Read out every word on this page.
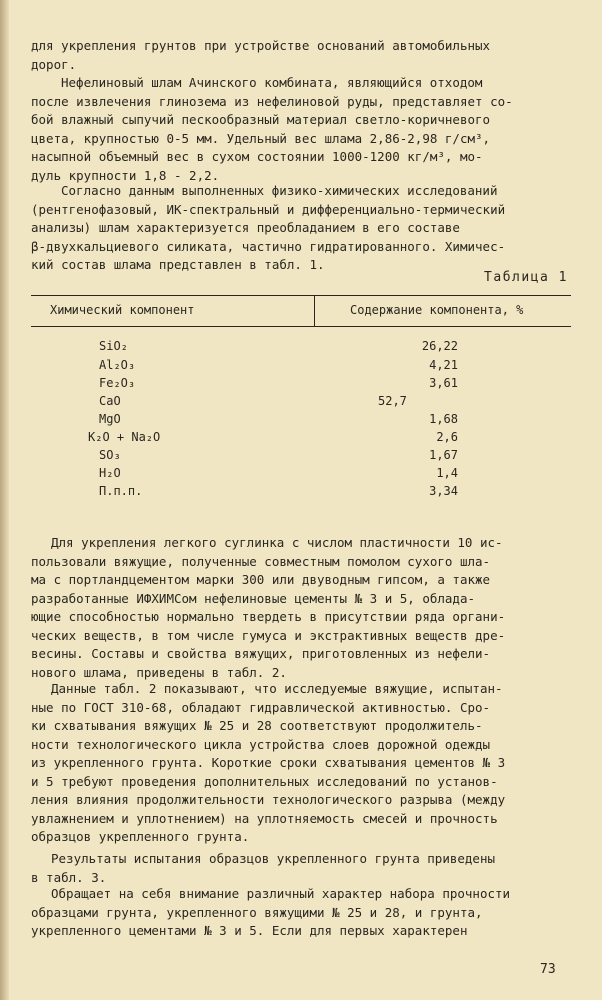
для укрепления грунтов при устройстве оснований автомобильных
дорог.

Нефелиновый шлам Ачинского комбината, являющийся отходом
после извлечения глинозема из нефелиновой руды, представляет со-
бой влажный сыпучий пескообразный материал светло-коричневого
цвета, крупностью 0-5 мм. Удельный вес шлама 2,86-2,98 г/см³,
насыпной объемный вес в сухом состоянии 1000-1200 кг/м³, мо-
дуль крупности 1,8 - 2,2.

Согласно данным выполненных физико-химических исследований
(рентгенофазовый, ИК-спектральный и дифференциально-термический
анализы) шлам характеризуется преобладанием в его составе
β-двухкальциевого силиката, частично гидратированного. Химичес-
кий состав шлама представлен в табл. 1.

Таблица 1

Химический компонент	Содержание компонента, %

SiO₂	26,22
Al₂O₃	4,21
Fe₂O₃	3,61
CaO	52,7
MgO	1,68
K₂O + Na₂O	2,6
SO₃	1,67
H₂O	1,4
П.п.п.	3,34

Для укрепления легкого суглинка с числом пластичности 10 ис-
пользовали вяжущие, полученные совместным помолом сухого шла-
ма с портландцементом марки 300 или двуводным гипсом, а также
разработанные ИФХИМСом нефелиновые цементы № 3 и 5, облада-
ющие способностью нормально твердеть в присутствии ряда органи-
ческих веществ, в том числе гумуса и экстрактивных веществ дре-
весины. Составы и свойства вяжущих, приготовленных из нефели-
нового шлама, приведены в табл. 2.

Данные табл. 2 показывают, что исследуемые вяжущие, испытан-
ные по ГОСТ 310-68, обладают гидравлической активностью. Сро-
ки схватывания вяжущих № 25 и 28 соответствуют продолжитель-
ности технологического цикла устройства слоев дорожной одежды
из укрепленного грунта. Короткие сроки схватывания цементов № 3
и 5 требуют проведения дополнительных исследований по установ-
ления влияния продолжительности технологического разрыва (между
увлажнением и уплотнением) на уплотняемость смесей и прочность
образцов укрепленного грунта.

Результаты испытания образцов укрепленного грунта приведены
в табл. 3.

Обращает на себя внимание различный характер набора прочности
образцами грунта, укрепленного вяжущими № 25 и 28, и грунта,
укрепленного цементами № 3 и 5. Если для первых характерен

73
